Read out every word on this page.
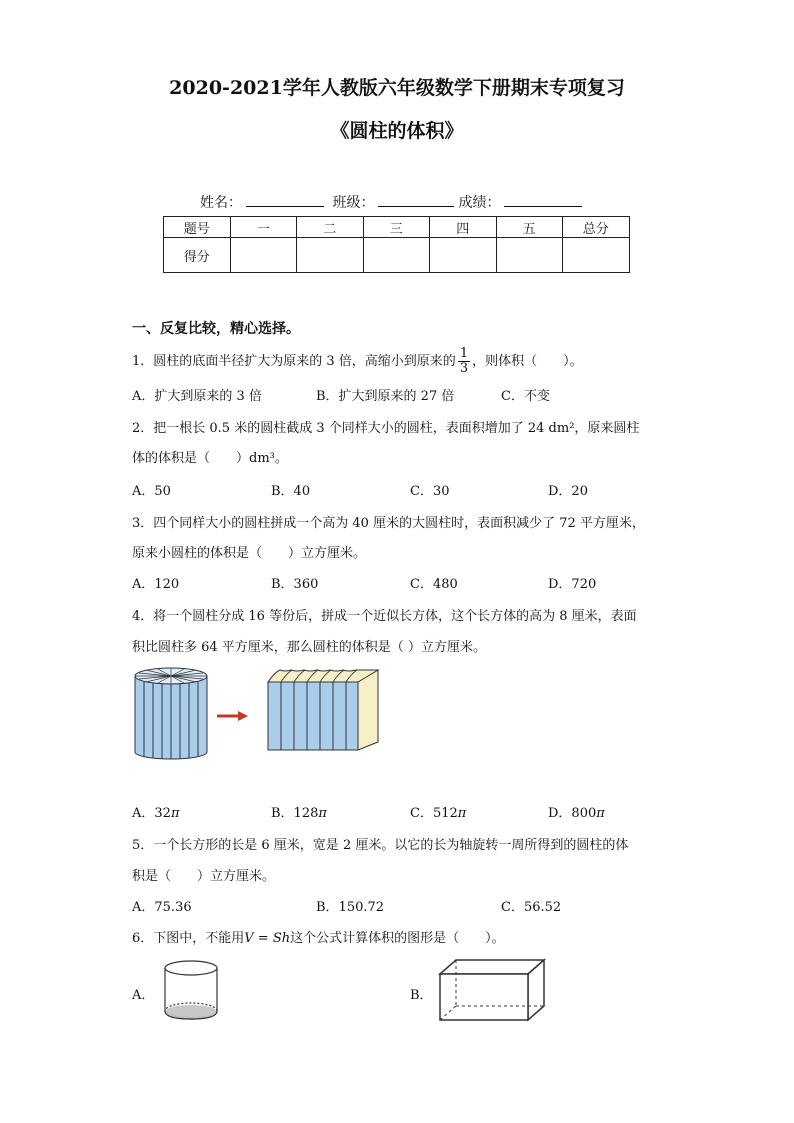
2020-2021学年人教版六年级数学下册期末专项复习
《圆柱的体积》
姓名：	班级：	成绩：
题号	一	二	三	四	五	总分
得分						
一、反复比较，精心选择。
1．圆柱的底面半径扩大为原来的 3 倍，高缩小到原来的 $\frac{1}{3}$ ，则体积（　　）。
A．扩大到原来的 3 倍	B．扩大到原来的 27 倍	C．不变
2．把一根长 0.5 米的圆柱截成 3 个同样大小的圆柱，表面积增加了 24 dm²，原来圆柱
体的体积是（　　）dm³。
A．50	B．40	C．30	D．20
3．四个同样大小的圆柱拼成一个高为 40 厘米的大圆柱时，表面积减少了 72 平方厘米，
原来小圆柱的体积是（　　）立方厘米。
A．120	B．360	C．480	D．720
4．将一个圆柱分成 16 等份后，拼成一个近似长方体，这个长方体的高为 8 厘米，表面
积比圆柱多 64 平方厘米，那么圆柱的体积是（ ）立方厘米。
A．32π	B．128π	C．512π	D．800π
5．一个长方形的长是 6 厘米，宽是 2 厘米。以它的长为轴旋转一周所得到的圆柱的体
积是（　　）立方厘米。
A．75.36	B．150.72	C．56.52
6．下图中，不能用V = Sh这个公式计算体积的图形是（　　）。
A．	B．
